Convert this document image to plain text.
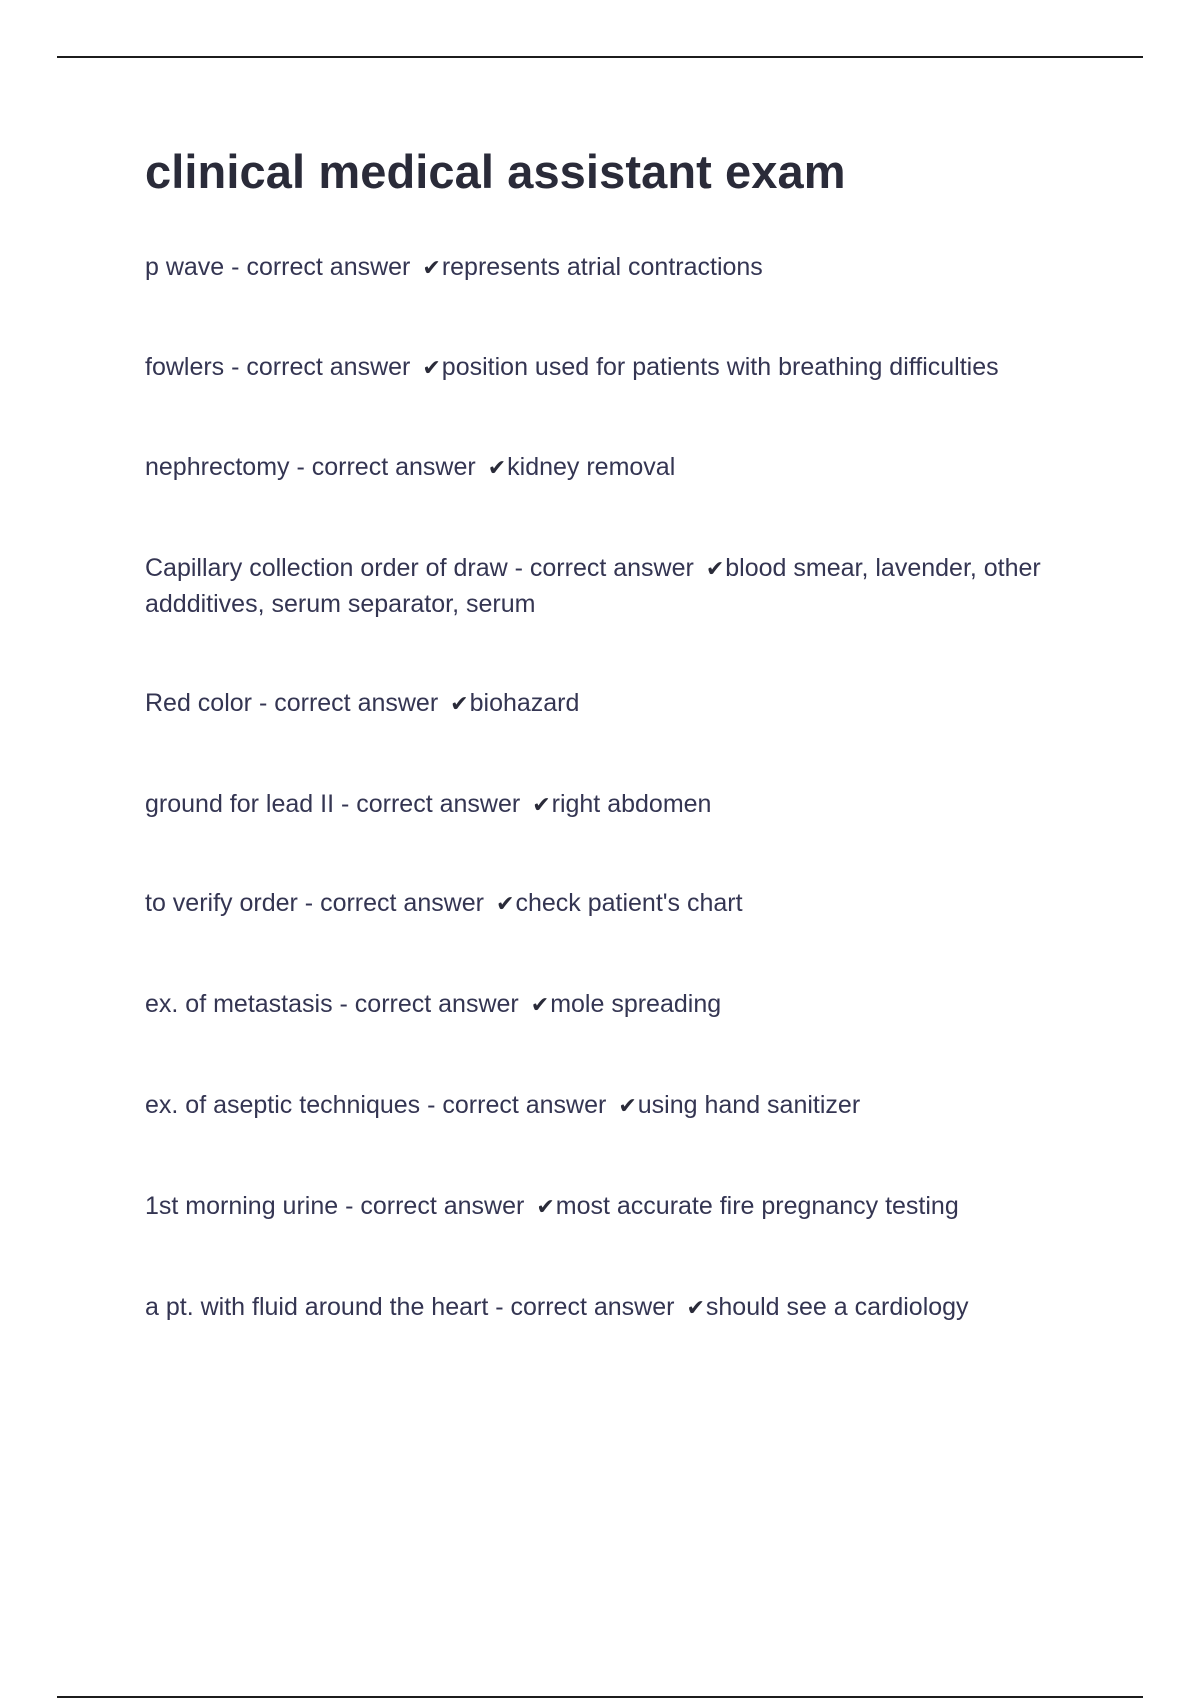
clinical medical assistant exam
p wave - correct answer ✔represents atrial contractions
fowlers - correct answer ✔position used for patients with breathing difficulties
nephrectomy - correct answer ✔kidney removal
Capillary collection order of draw - correct answer ✔blood smear, lavender, other addditives, serum separator, serum
Red color - correct answer ✔biohazard
ground for lead II - correct answer ✔right abdomen
to verify order - correct answer ✔check patient's chart
ex. of metastasis - correct answer ✔mole spreading
ex. of aseptic techniques - correct answer ✔using hand sanitizer
1st morning urine - correct answer ✔most accurate fire pregnancy testing
a pt. with fluid around the heart - correct answer ✔should see a cardiology
